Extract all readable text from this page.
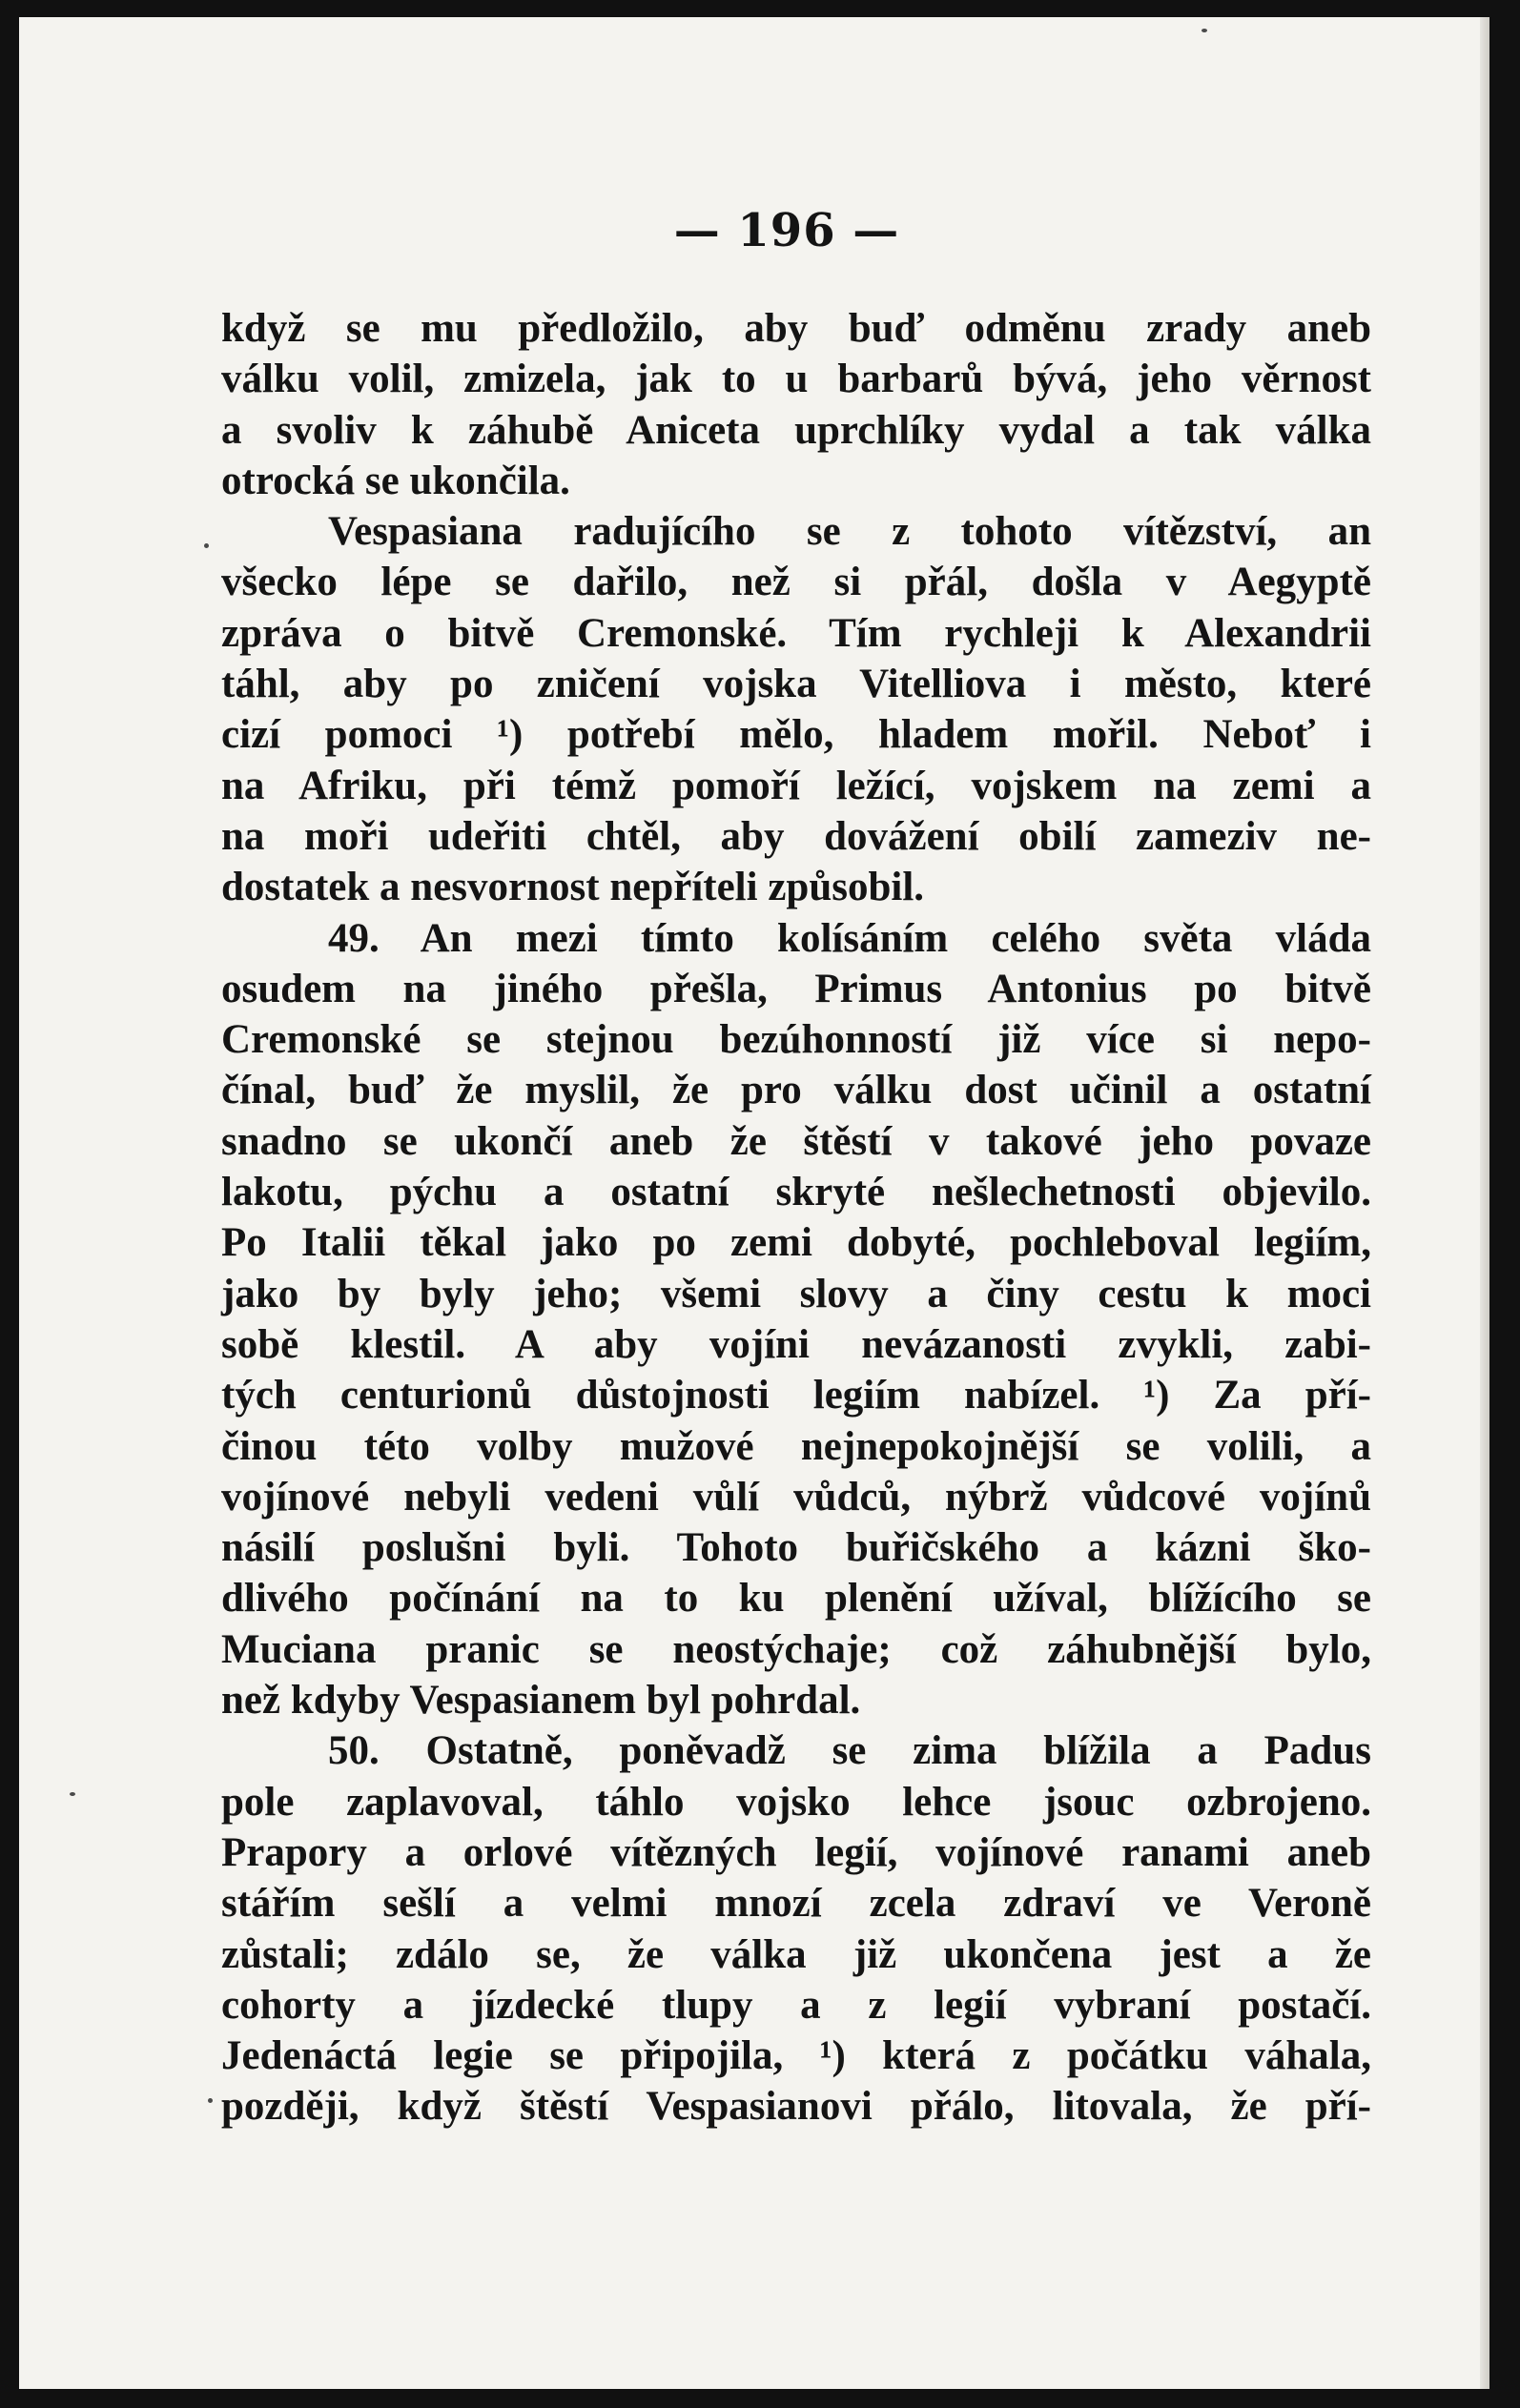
— 196 —
když se mu předložilo, aby buď odměnu zrady aneb
válku volil, zmizela, jak to u barbarů bývá, jeho věrnost
a svoliv k záhubě Aniceta uprchlíky vydal a tak válka
otrocká se ukončila.
Vespasiana radujícího se z tohoto vítězství, an
všecko lépe se dařilo, než si přál, došla v Aegyptě
zpráva o bitvě Cremonské. Tím rychleji k Alexandrii
táhl, aby po zničení vojska Vitelliova i město, které
cizí pomoci ¹) potřebí mělo, hladem mořil. Neboť i
na Afriku, při témž pomoří ležící, vojskem na zemi a
na moři udeřiti chtěl, aby dovážení obilí zameziv ne-
dostatek a nesvornost nepříteli způsobil.
49. An mezi tímto kolísáním celého světa vláda
osudem na jiného přešla, Primus Antonius po bitvě
Cremonské se stejnou bezúhonností již více si nepo-
čínal, buď že myslil, že pro válku dost učinil a ostatní
snadno se ukončí aneb že štěstí v takové jeho povaze
lakotu, pýchu a ostatní skryté nešlechetnosti objevilo.
Po Italii těkal jako po zemi dobyté, pochleboval legiím,
jako by byly jeho; všemi slovy a činy cestu k moci
sobě klestil. A aby vojíni nevázanosti zvykli, zabi-
tých centurionů důstojnosti legiím nabízel. ¹) Za pří-
činou této volby mužové nejnepokojnější se volili, a
vojínové nebyli vedeni vůlí vůdců, nýbrž vůdcové vojínů
násilí poslušni byli. Tohoto buřičského a kázni ško-
dlivého počínání na to ku plenění užíval, blížícího se
Muciana pranic se neostýchaje; což záhubnější bylo,
než kdyby Vespasianem byl pohrdal.
50. Ostatně, poněvadž se zima blížila a Padus
pole zaplavoval, táhlo vojsko lehce jsouc ozbrojeno.
Prapory a orlové vítězných legií, vojínové ranami aneb
stářím sešlí a velmi mnozí zcela zdraví ve Veroně
zůstali; zdálo se, že válka již ukončena jest a že
cohorty a jízdecké tlupy a z legií vybraní postačí.
Jedenáctá legie se připojila, ¹) která z počátku váhala,
později, když štěstí Vespasianovi přálo, litovala, že pří-
